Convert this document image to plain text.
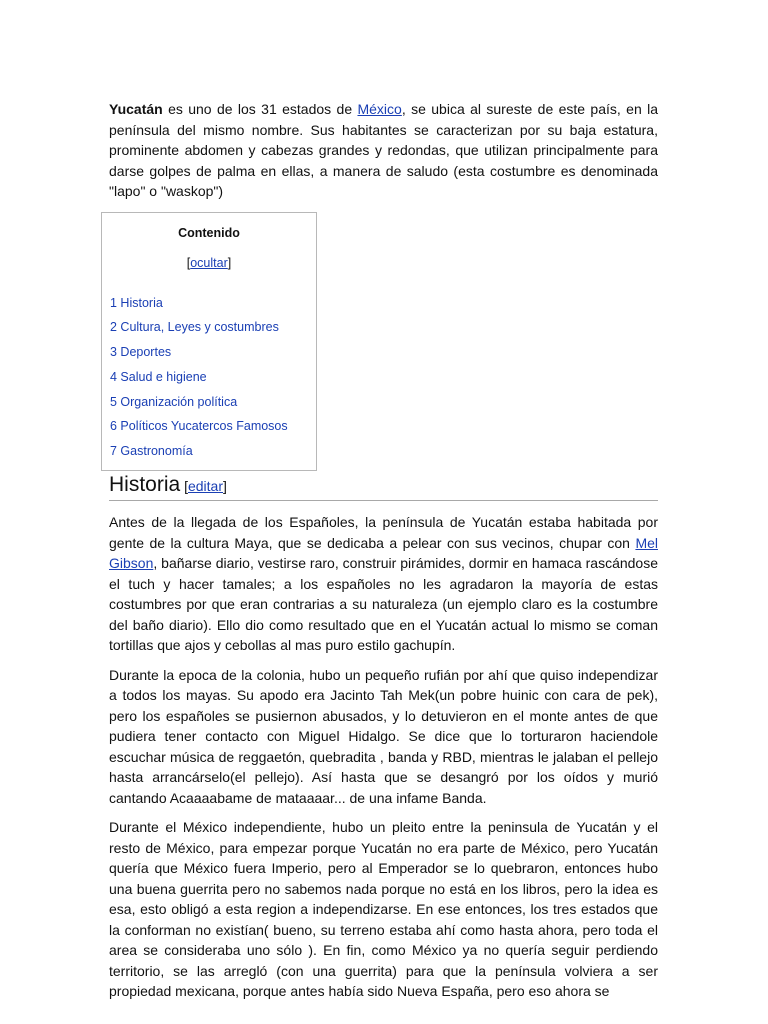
Yucatán es uno de los 31 estados de México, se ubica al sureste de este país, en la península del mismo nombre. Sus habitantes se caracterizan por su baja estatura, prominente abdomen y cabezas grandes y redondas, que utilizan principalmente para darse golpes de palma en ellas, a manera de saludo (esta costumbre es denominada "lapo" o "waskop")

Contenido
[ocultar]
1 Historia
2 Cultura, Leyes y costumbres
3 Deportes
4 Salud e higiene
5 Organización política
6 Políticos Yucatercos Famosos
7 Gastronomía
Historia [editar]

Antes de la llegada de los Españoles, la península de Yucatán estaba habitada por gente de la cultura Maya, que se dedicaba a pelear con sus vecinos, chupar con Mel Gibson, bañarse diario, vestirse raro, construir pirámides, dormir en hamaca rascándose el tuch y hacer tamales; a los españoles no les agradaron la mayoría de estas costumbres por que eran contrarias a su naturaleza (un ejemplo claro es la costumbre del baño diario). Ello dio como resultado que en el Yucatán actual lo mismo se coman tortillas que ajos y cebollas al mas puro estilo gachupín.

Durante la epoca de la colonia, hubo un pequeño rufián por ahí que quiso independizar a todos los mayas. Su apodo era Jacinto Tah Mek(un pobre huinic con cara de pek), pero los españoles se pusiernon abusados, y lo detuvieron en el monte antes de que pudiera tener contacto con Miguel Hidalgo. Se dice que lo torturaron haciendole escuchar música de reggaetón, quebradita , banda y RBD, mientras le jalaban el pellejo hasta arrancárselo(el pellejo). Así hasta que se desangró por los oídos y murió cantando Acaaaabame de mataaaar... de una infame Banda.

Durante el México independiente, hubo un pleito entre la peninsula de Yucatán y el resto de México, para empezar porque Yucatán no era parte de México, pero Yucatán quería que México fuera Imperio, pero al Emperador se lo quebraron, entonces hubo una buena guerrita pero no sabemos nada porque no está en los libros, pero la idea es esa, esto obligó a esta region a independizarse. En ese entonces, los tres estados que la conforman no existían( bueno, su terreno estaba ahí como hasta ahora, pero toda el area se consideraba uno sólo ). En fin, como México ya no quería seguir perdiendo territorio, se las arregló (con una guerrita) para que la península volviera a ser propiedad mexicana, porque antes había sido Nueva España, pero eso ahora se
